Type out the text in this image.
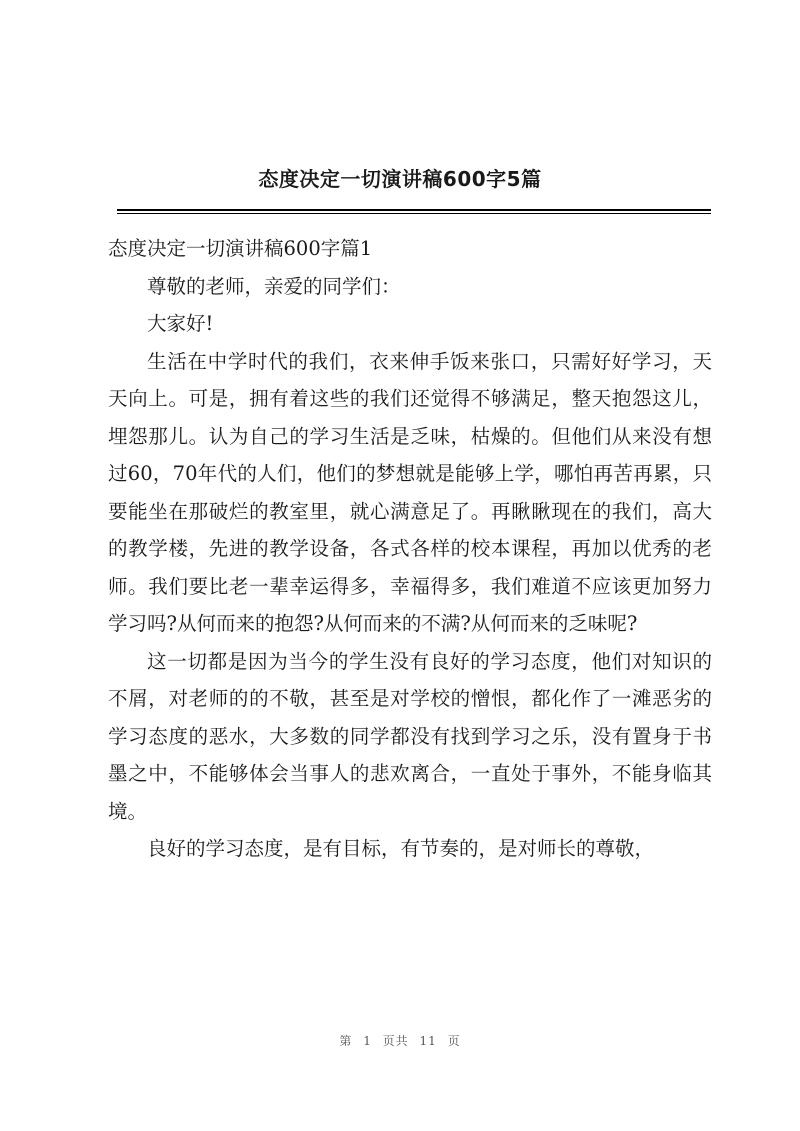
态度决定一切演讲稿600字5篇

态度决定一切演讲稿600字篇1

尊敬的老师，亲爱的同学们：

大家好!

生活在中学时代的我们，衣来伸手饭来张口，只需好好学习，天天向上。可是，拥有着这些的我们还觉得不够满足，整天抱怨这儿，埋怨那儿。认为自己的学习生活是乏味，枯燥的。但他们从来没有想过60，70年代的人们，他们的梦想就是能够上学，哪怕再苦再累，只要能坐在那破烂的教室里，就心满意足了。再瞅瞅现在的我们，高大的教学楼，先进的教学设备，各式各样的校本课程，再加以优秀的老师。我们要比老一辈幸运得多，幸福得多，我们难道不应该更加努力学习吗?从何而来的抱怨?从何而来的不满?从何而来的乏味呢?

这一切都是因为当今的学生没有良好的学习态度，他们对知识的不屑，对老师的的不敬，甚至是对学校的憎恨，都化作了一滩恶劣的学习态度的恶水，大多数的同学都没有找到学习之乐，没有置身于书墨之中，不能够体会当事人的悲欢离合，一直处于事外，不能身临其境。

良好的学习态度，是有目标，有节奏的，是对师长的尊敬，

第 1 页共 11 页
